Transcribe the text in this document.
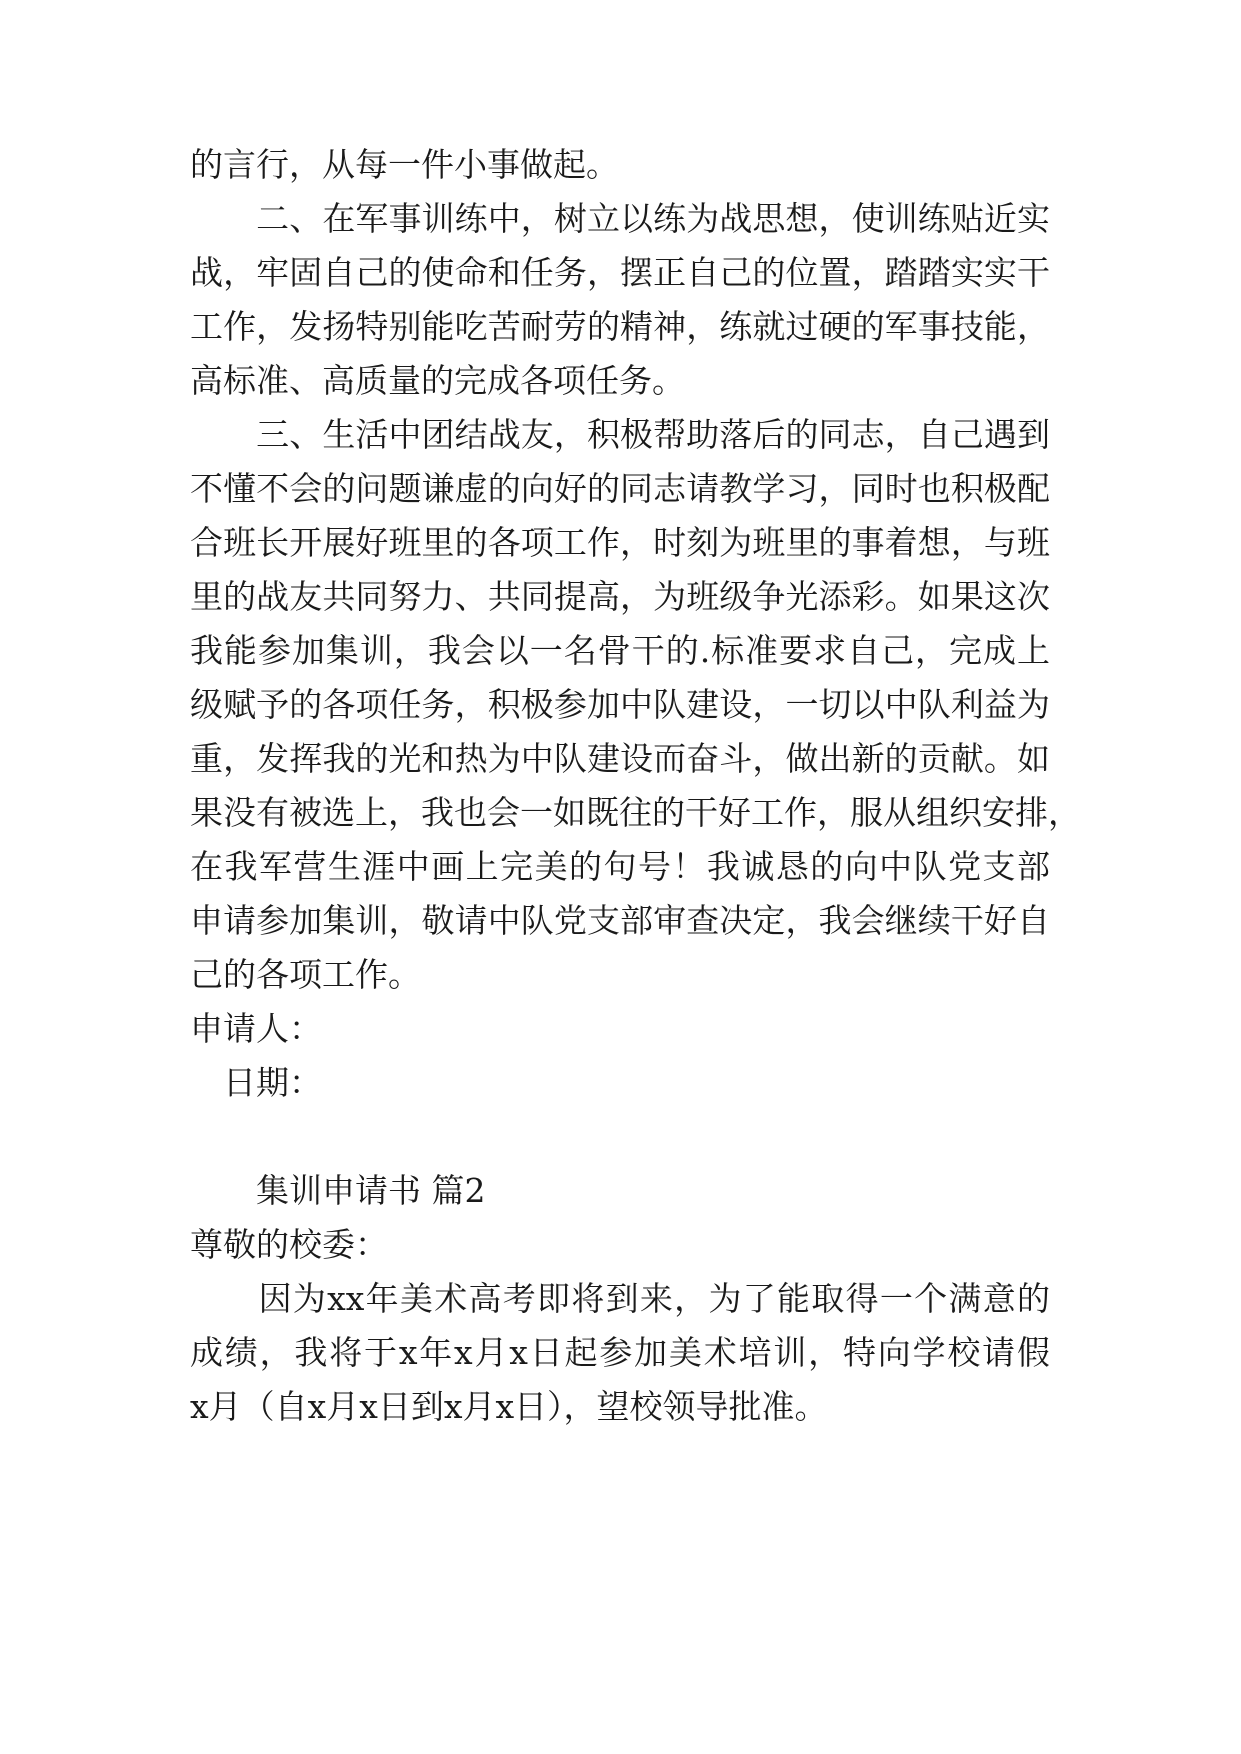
的言行，从每一件小事做起。
　　二、在军事训练中，树立以练为战思想，使训练贴近实
战，牢固自己的使命和任务，摆正自己的位置，踏踏实实干
工作，发扬特别能吃苦耐劳的精神，练就过硬的军事技能，
高标准、高质量的完成各项任务。
　　三、生活中团结战友，积极帮助落后的同志，自己遇到
不懂不会的问题谦虚的向好的同志请教学习，同时也积极配
合班长开展好班里的各项工作，时刻为班里的事着想，与班
里的战友共同努力、共同提高，为班级争光添彩。如果这次
我能参加集训，我会以一名骨干的.标准要求自己，完成上
级赋予的各项任务，积极参加中队建设，一切以中队利益为
重，发挥我的光和热为中队建设而奋斗，做出新的贡献。如
果没有被选上，我也会一如既往的干好工作，服从组织安排，
在我军营生涯中画上完美的句号！我诚恳的向中队党支部
申请参加集训，敬请中队党支部审查决定，我会继续干好自
己的各项工作。
申请人：
　日期：
　　集训申请书 篇2
尊敬的校委：
　　因为xx年美术高考即将到来，为了能取得一个满意的
成绩，我将于x年x月x日起参加美术培训，特向学校请假
x月（自x月x日到x月x日），望校领导批准。
